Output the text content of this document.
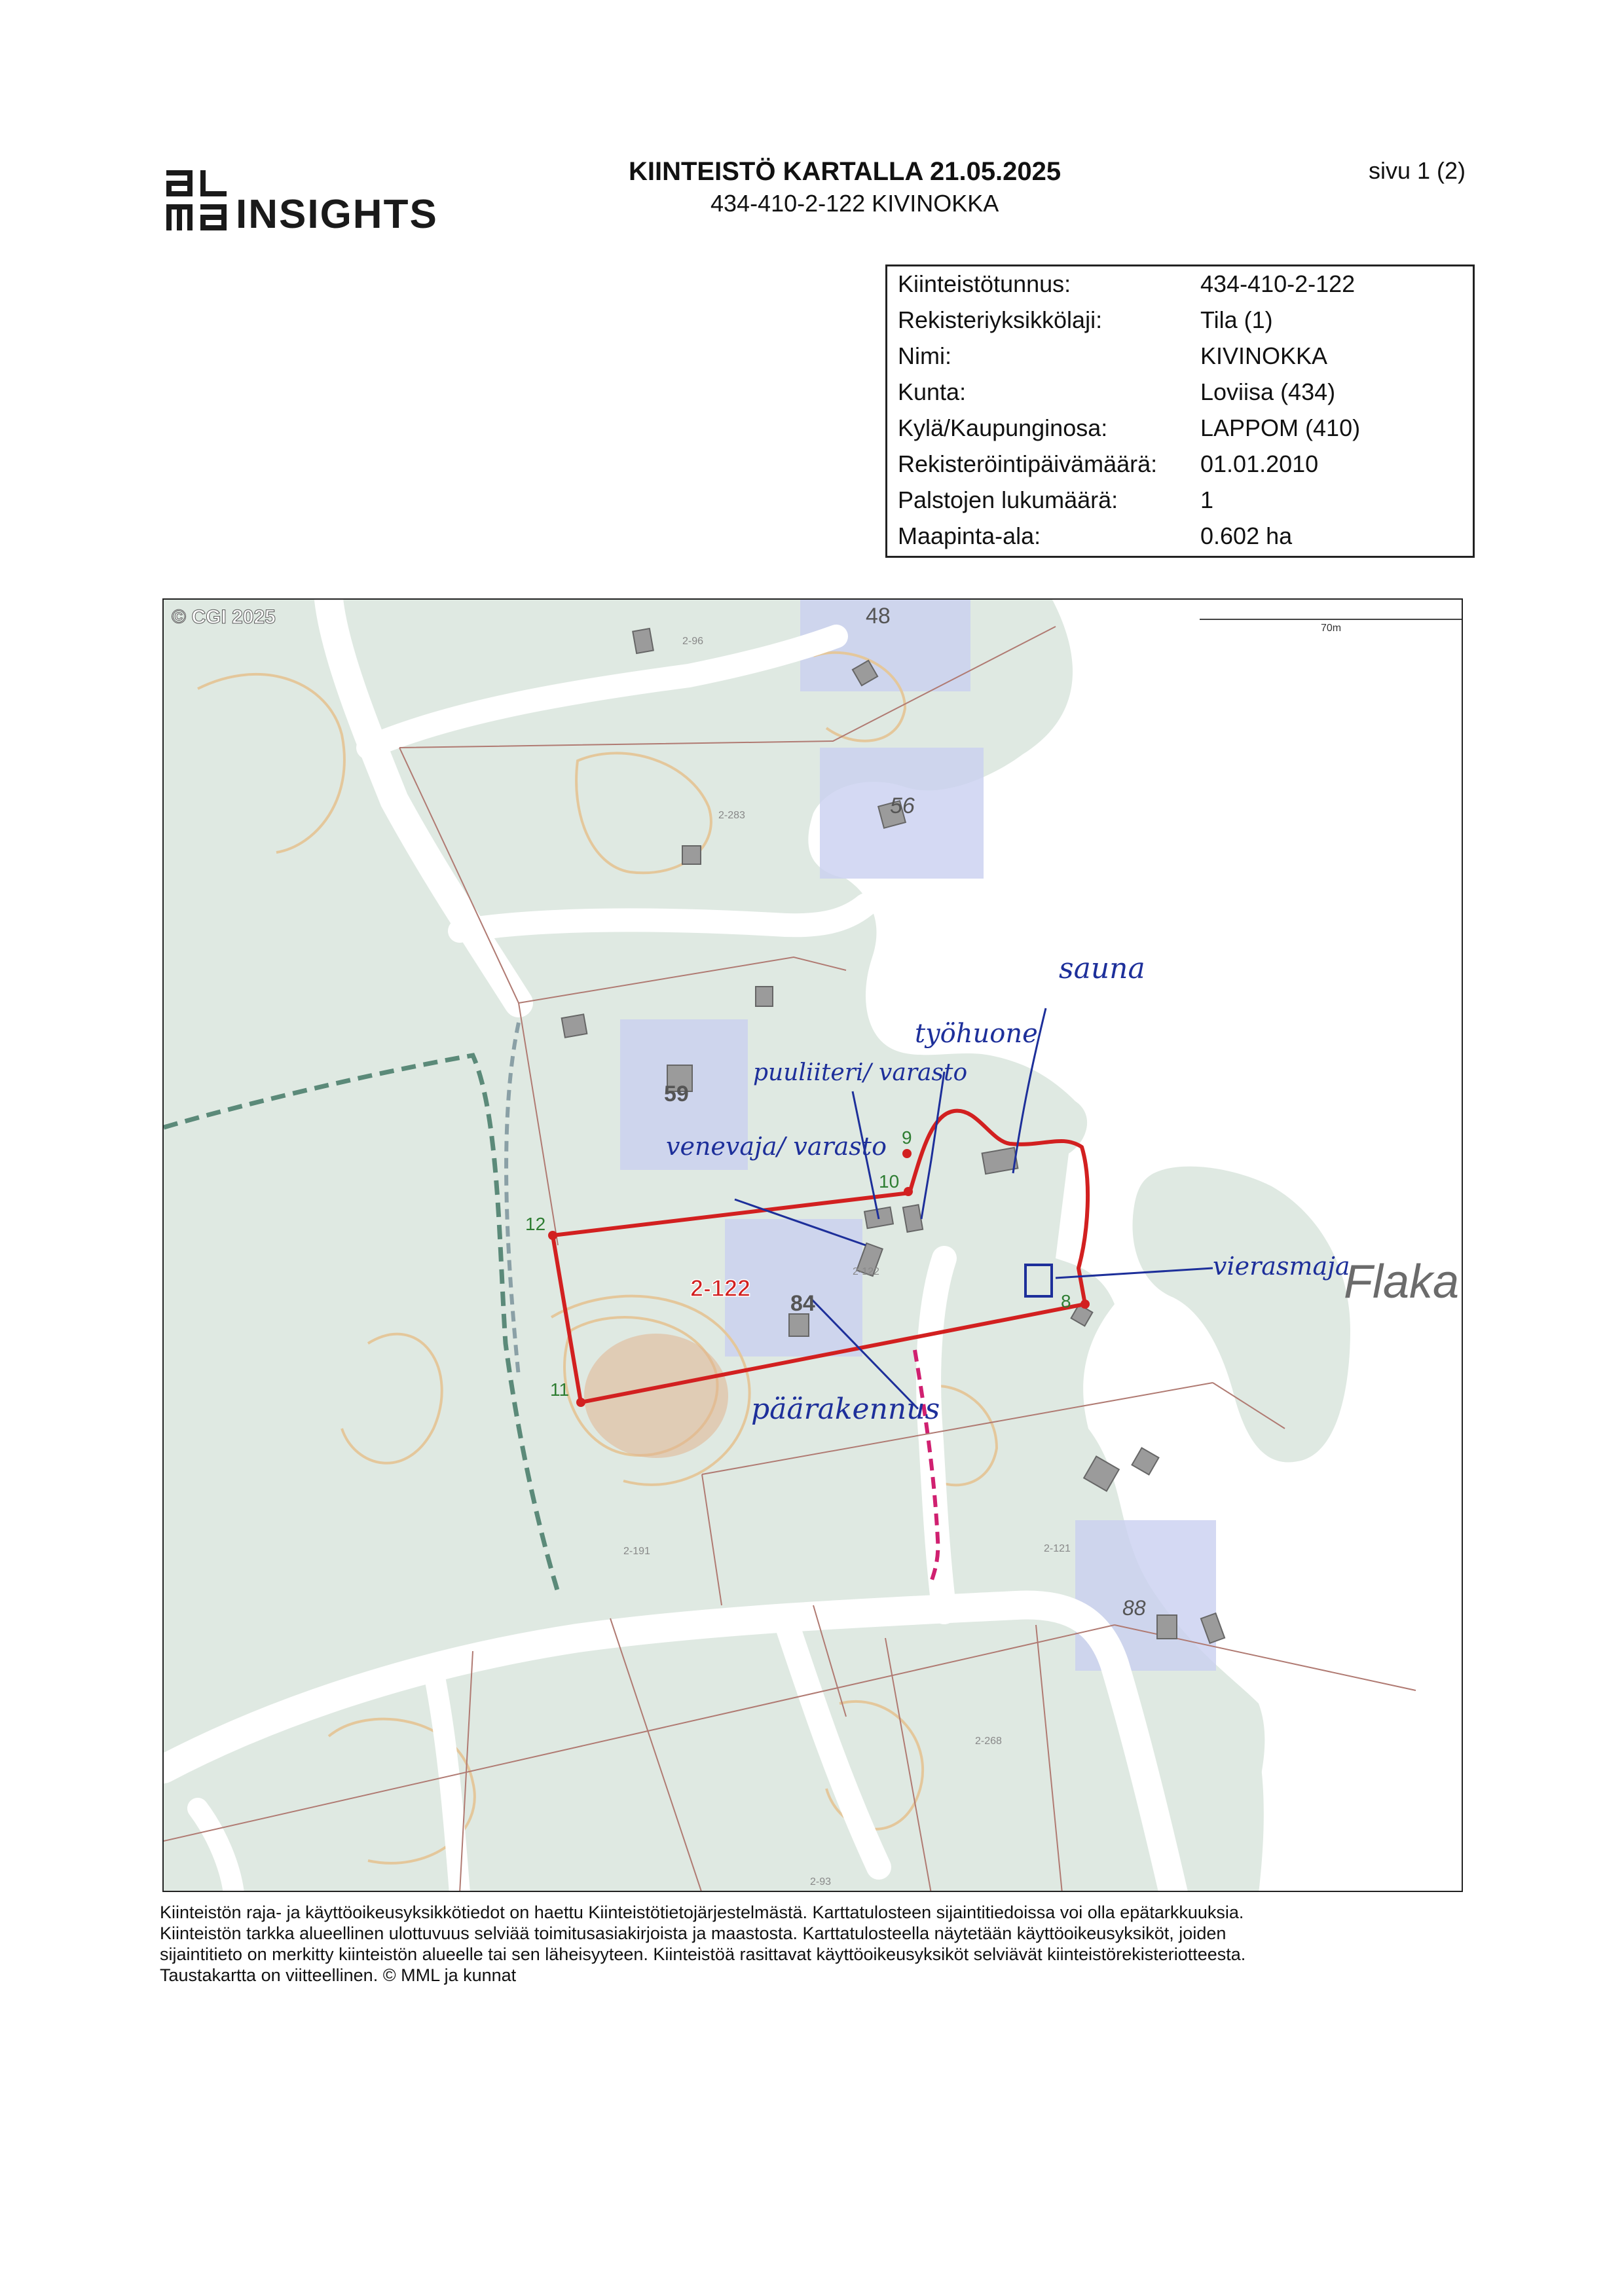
INSIGHTS
KIINTEISTÖ KARTALLA 21.05.2025
434-410-2-122 KIVINOKKA
sivu 1 (2)
Kiinteistötunnus:	434-410-2-122
Rekisteriyksikkölaji:	Tila (1)
Nimi:	KIVINOKKA
Kunta:	Loviisa (434)
Kylä/Kaupunginosa:	LAPPOM (410)
Rekisteröintipäivämäärä: 01.01.2010
Palstojen lukumäärä:	1
Maapinta-ala:	0.602 ha
© CGI 2025
70m
48
56
59
84
88
2-96
2-283
2-122
2-121
2-191
2-268
2-93
2-122
9
10
12
11
8	Flaka
sauna
työhuone
puuliiteri/ varasto
venevaja/ varasto
vierasmaja
päärakennus
Kiinteistön raja- ja käyttöoikeusyksikkötiedot on haettu Kiinteistötietojärjestelmästä. Karttatulosteen sijaintitiedoissa voi olla epätarkkuuksia.
Kiinteistön tarkka alueellinen ulottuvuus selviää toimitusasiakirjoista ja maastosta. Karttatulosteella näytetään käyttöoikeusyksiköt, joiden
sijaintitieto on merkitty kiinteistön alueelle tai sen läheisyyteen. Kiinteistöä rasittavat käyttöoikeusyksiköt selviävät kiinteistörekisteriotteesta.
Taustakartta on viitteellinen. © MML ja kunnat
